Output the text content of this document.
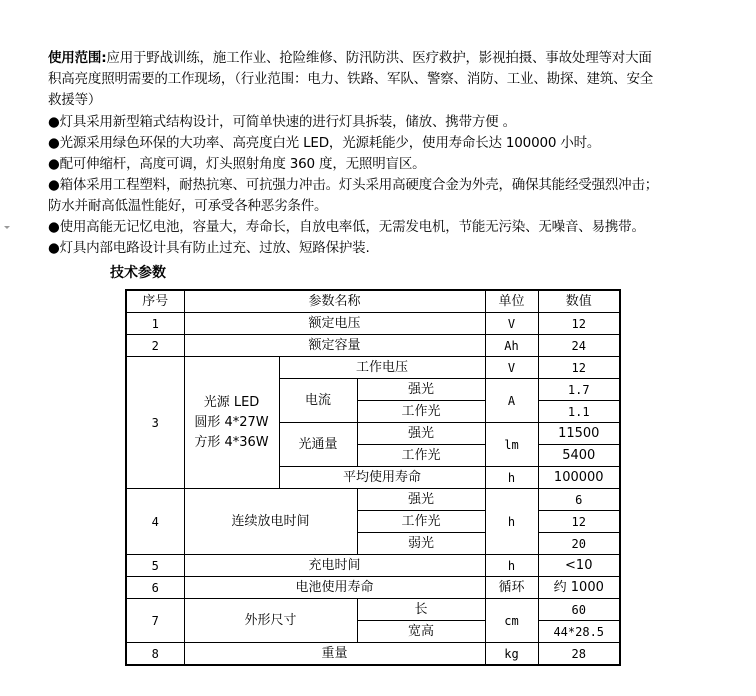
使用范围:应用于野战训练，施工作业、抢险维修、防汛防洪、医疗救护，影视拍摄、事故处理等对大面
积高亮度照明需要的工作现场，（行业范围：电力、铁路、军队、警察、消防、工业、勘探、建筑、安全
救援等）
●灯具采用新型箱式结构设计，可简单快速的进行灯具拆装，储放、携带方便 。
●光源采用绿色环保的大功率、高亮度白光 LED，光源耗能少，使用寿命长达 100000 小时。
●配可伸缩杆，高度可调，灯头照射角度 360 度，无照明盲区。
●箱体采用工程塑料，耐热抗寒、可抗强力冲击。灯头采用高硬度合金为外壳，确保其能经受强烈冲击；
防水并耐高低温性能好，可承受各种恶劣条件。
●使用高能无记忆电池，容量大，寿命长，自放电率低，无需发电机，节能无污染、无噪音、易携带。
●灯具内部电路设计具有防止过充、过放、短路保护装.
技术参数
序号	参数名称			单位	数值
1	额定电压			V	12
2	额定容量			Ah	24
3	光源 LED
圆形 4*27W
方形 4*36W	工作电压		V	12
		电流	强光	A	1.7
			工作光		1.1
		光通量	强光	lm	11500
			工作光		5400
		平均使用寿命		h	100000
4	连续放电时间		强光	h	6
			工作光		12
			弱光		20
5	充电时间			h	<10
6	电池使用寿命			循环	约 1000
7	外形尺寸		长	cm	60
			宽高		44*28.5
8	重量			kg	28
